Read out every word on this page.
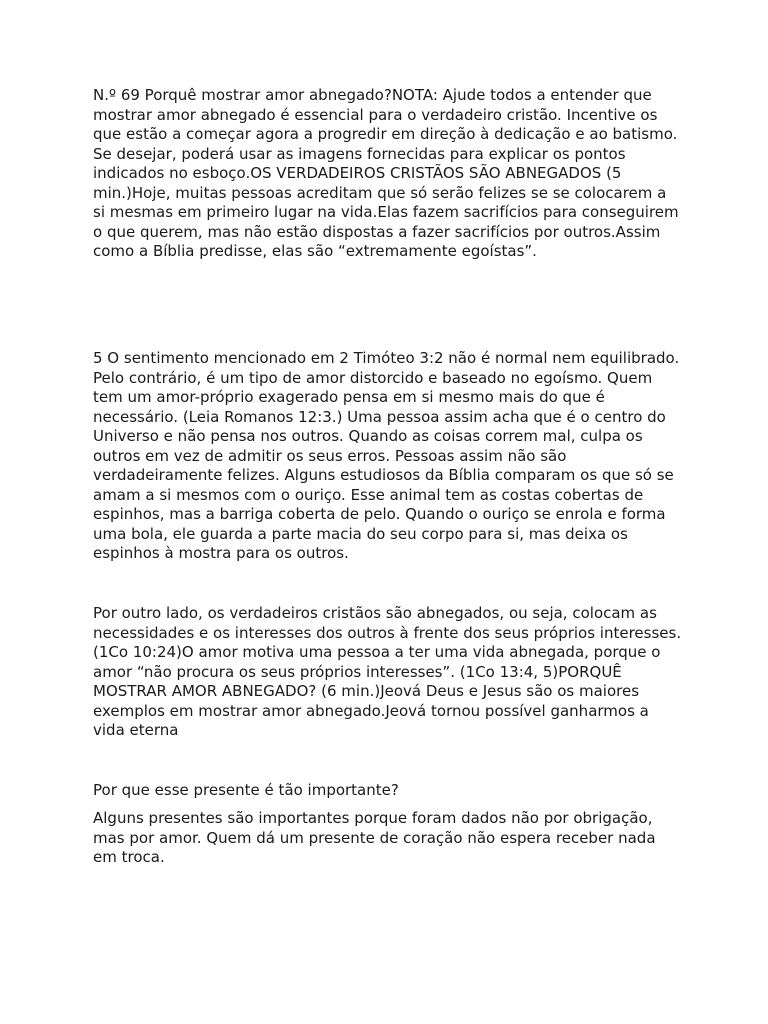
N.º 69 Porquê mostrar amor abnegado?NOTA: Ajude todos a entender que mostrar amor abnegado é essencial para o verdadeiro cristão. Incentive os que estão a começar agora a progredir em direção à dedicação e ao batismo. Se desejar, poderá usar as imagens fornecidas para explicar os pontos indicados no esboço.OS VERDADEIROS CRISTÃOS SÃO ABNEGADOS (5 min.)Hoje, muitas pessoas acreditam que só serão felizes se se colocarem a si mesmas em primeiro lugar na vida.Elas fazem sacrifícios para conseguirem o que querem, mas não estão dispostas a fazer sacrifícios por outros.Assim como a Bíblia predisse, elas são “extremamente egoístas”.

5 O sentimento mencionado em 2 Timóteo 3:2 não é normal nem equilibrado. Pelo contrário, é um tipo de amor distorcido e baseado no egoísmo. Quem tem um amor-próprio exagerado pensa em si mesmo mais do que é necessário. (Leia Romanos 12:3.) Uma pessoa assim acha que é o centro do Universo e não pensa nos outros. Quando as coisas correm mal, culpa os outros em vez de admitir os seus erros. Pessoas assim não são verdadeiramente felizes. Alguns estudiosos da Bíblia comparam os que só se amam a si mesmos com o ouriço. Esse animal tem as costas cobertas de espinhos, mas a barriga coberta de pelo. Quando o ouriço se enrola e forma uma bola, ele guarda a parte macia do seu corpo para si, mas deixa os espinhos à mostra para os outros.

Por outro lado, os verdadeiros cristãos são abnegados, ou seja, colocam as necessidades e os interesses dos outros à frente dos seus próprios interesses. (1Co 10:24)O amor motiva uma pessoa a ter uma vida abnegada, porque o amor “não procura os seus próprios interesses”. (1Co 13:4, 5)PORQUÊ MOSTRAR AMOR ABNEGADO? (6 min.)Jeová Deus e Jesus são os maiores exemplos em mostrar amor abnegado.Jeová tornou possível ganharmos a vida eterna

Por que esse presente é tão importante?

Alguns presentes são importantes porque foram dados não por obrigação, mas por amor. Quem dá um presente de coração não espera receber nada em troca.
